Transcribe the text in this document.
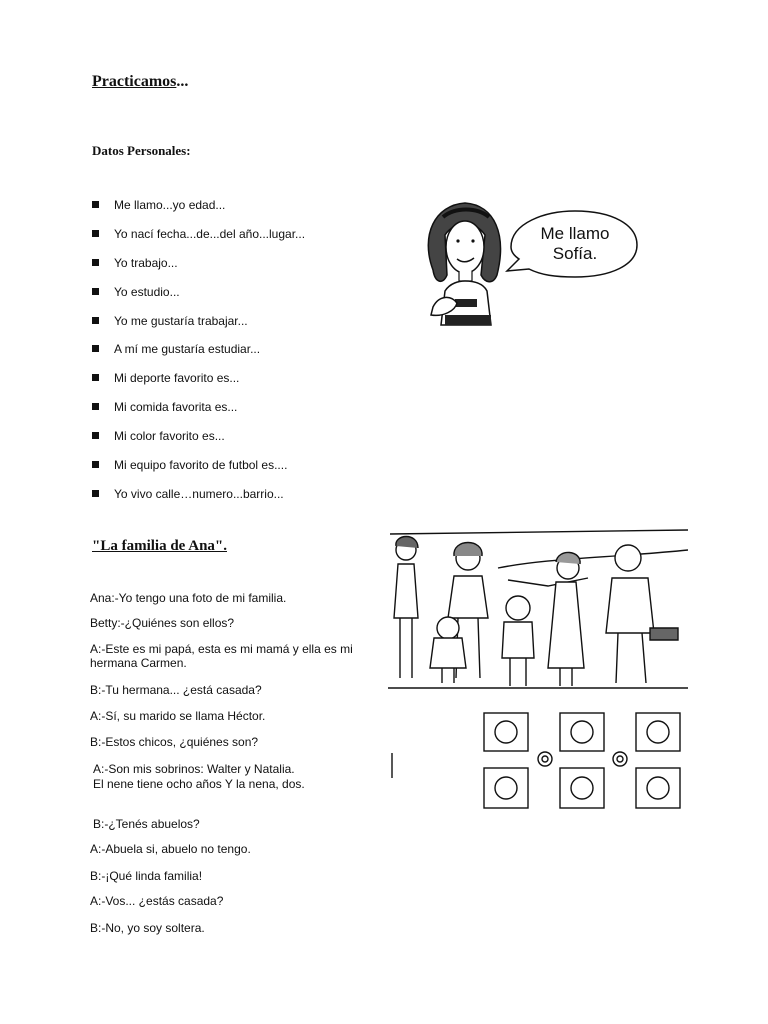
Practicamos...
Datos Personales:
Me llamo...yo edad...
Yo nací fecha...de...del año...lugar...
Yo trabajo...
Yo estudio...
Yo me gustaría trabajar...
A mí me gustaría estudiar...
Mi deporte favorito es...
Mi comida favorita es...
Mi color favorito es...
Mi equipo favorito de futbol es....
Yo vivo calle…numero...barrio...
Me llamo
Sofía.
"La familia de Ana".
Ana:-Yo tengo una foto de mi familia.
Betty:-¿Quiénes son ellos?
A:-Este es mi papá, esta es mi mamá y ella es mi hermana Carmen.
B:-Tu hermana... ¿está casada?
A:-Sí, su marido se llama Héctor.
B:-Estos chicos, ¿quiénes son?
A:-Son mis sobrinos: Walter y Natalia.
El nene tiene ocho años Y la nena, dos.
B:-¿Tenés abuelos?
A:-Abuela si, abuelo no tengo.
B:-¡Qué linda familia!
A:-Vos... ¿estás casada?
B:-No, yo soy soltera.
